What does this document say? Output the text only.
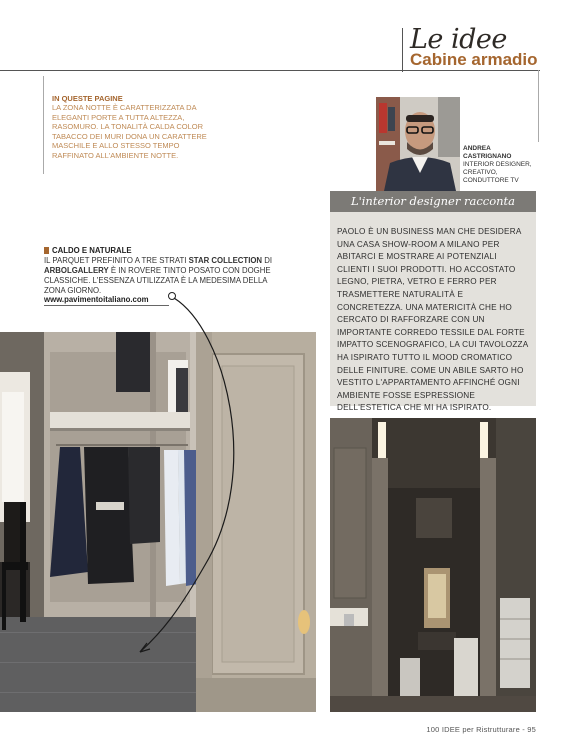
Le idee
Cabine armadio
IN QUESTE PAGINE
LA ZONA NOTTE È CARATTERIZZATA DA ELEGANTI PORTE A TUTTA ALTEZZA, RASOMURO. LA TONALITÀ CALDA COLOR TABACCO DEI MURI DONA UN CARATTERE MASCHILE E ALLO STESSO TEMPO RAFFINATO ALL'AMBIENTE NOTTE.
ANDREA
CASTRIGNANO
INTERIOR DESIGNER,
CREATIVO,
CONDUTTORE TV
L'interior designer racconta
PAOLO È UN BUSINESS MAN CHE DESIDERA UNA CASA SHOW-ROOM A MILANO PER ABITARCI E MOSTRARE AI POTENZIALI CLIENTI I SUOI PRODOTTI. HO ACCOSTATO LEGNO, PIETRA, VETRO E FERRO PER TRASMETTERE NATURALITÀ E CONCRETEZZA. UNA MATERICITÀ CHE HO CERCATO DI RAFFORZARE CON UN IMPORTANTE CORREDO TESSILE DAL FORTE IMPATTO SCENOGRAFICO, LA CUI TAVOLOZZA HA ISPIRATO TUTTO IL MOOD CROMATICO DELLE FINITURE. COME UN ABILE SARTO HO VESTITO L'APPARTAMENTO AFFINCHÉ OGNI AMBIENTE FOSSE ESPRESSIONE DELL'ESTETICA CHE MI HA ISPIRATO.
CALDO E NATURALE
IL PARQUET PREFINITO A TRE STRATI STAR COLLECTION DI ARBOLGALLERY È IN ROVERE TINTO POSATO CON DOGHE CLASSICHE. L'ESSENZA UTILIZZATA È LA MEDESIMA DELLA ZONA GIORNO.
www.pavimentoitaliano.com
100 IDEE per Ristrutturare - 95
